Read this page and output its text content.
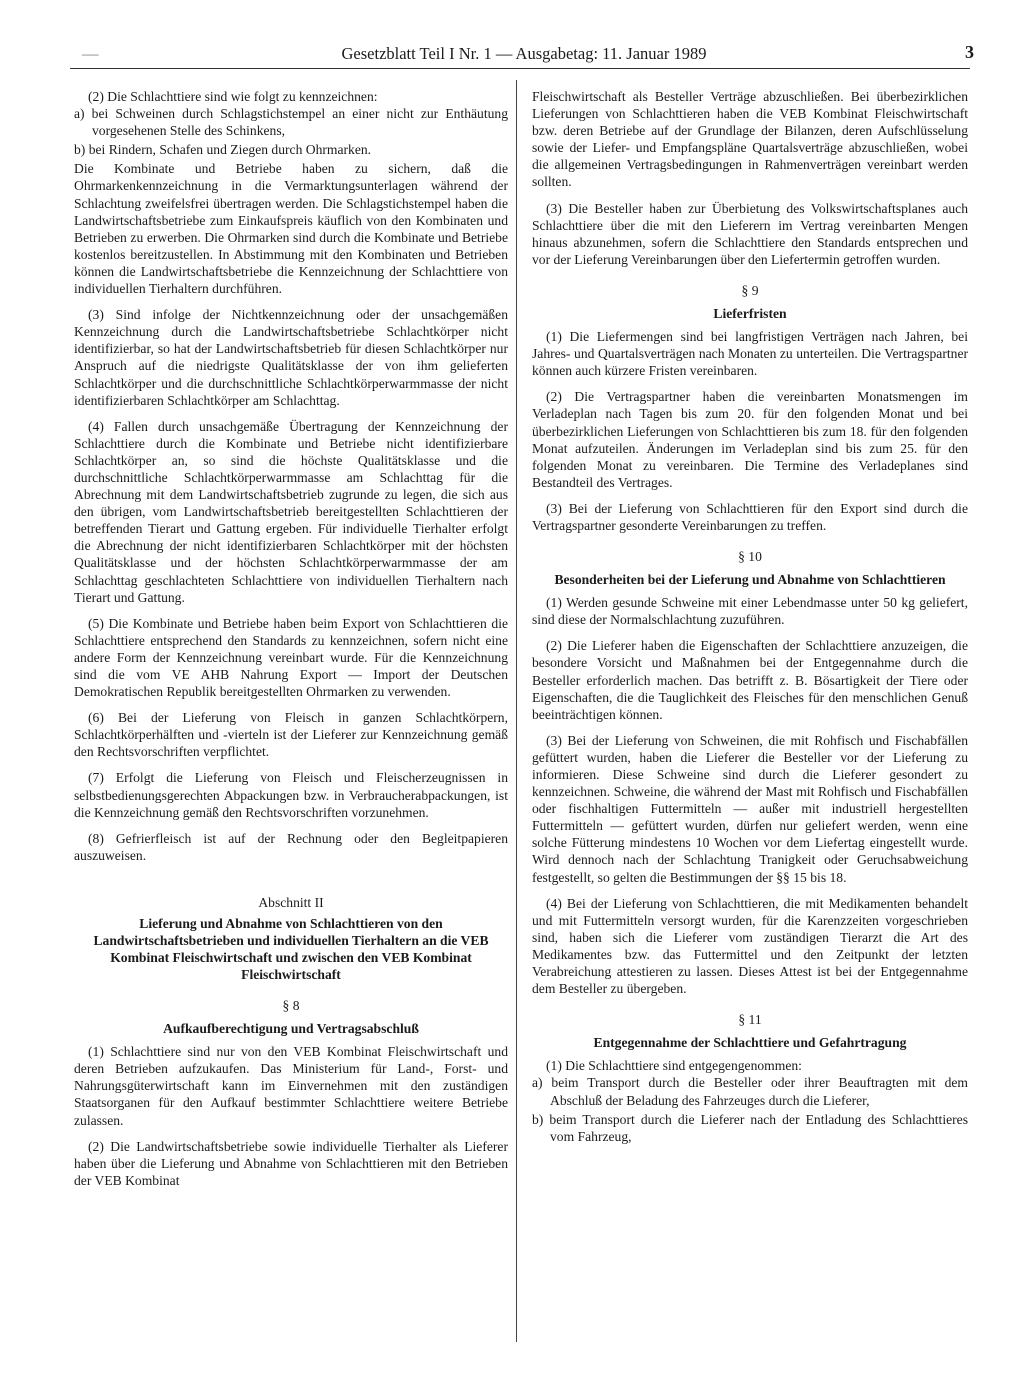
—	Gesetzblatt Teil I Nr. 1 — Ausgabetag: 11. Januar 1989	3

(2) Die Schlachttiere sind wie folgt zu kennzeichnen:

a) bei Schweinen durch Schlagstichstempel an einer nicht zur Enthäutung vorgesehenen Stelle des Schinkens,

b) bei Rindern, Schafen und Ziegen durch Ohrmarken.

Die Kombinate und Betriebe haben zu sichern, daß die Ohrmarkenkennzeichnung in die Vermarktungsunterlagen während der Schlachtung zweifelsfrei übertragen werden. Die Schlagstichstempel haben die Landwirtschaftsbetriebe zum Einkaufspreis käuflich von den Kombinaten und Betrieben zu erwerben. Die Ohrmarken sind durch die Kombinate und Betriebe kostenlos bereitzustellen. In Abstimmung mit den Kombinaten und Betrieben können die Landwirtschaftsbetriebe die Kennzeichnung der Schlachttiere von individuellen Tierhaltern durchführen.

(3) Sind infolge der Nichtkennzeichnung oder der unsachgemäßen Kennzeichnung durch die Landwirtschaftsbetriebe Schlachtkörper nicht identifizierbar, so hat der Landwirtschaftsbetrieb für diesen Schlachtkörper nur Anspruch auf die niedrigste Qualitätsklasse der von ihm gelieferten Schlachtkörper und die durchschnittliche Schlachtkörperwarmmasse der nicht identifizierbaren Schlachtkörper am Schlachttag.

(4) Fallen durch unsachgemäße Übertragung der Kennzeichnung der Schlachttiere durch die Kombinate und Betriebe nicht identifizierbare Schlachtkörper an, so sind die höchste Qualitätsklasse und die durchschnittliche Schlachtkörperwarmmasse am Schlachttag für die Abrechnung mit dem Landwirtschaftsbetrieb zugrunde zu legen, die sich aus den übrigen, vom Landwirtschaftsbetrieb bereitgestellten Schlachttieren der betreffenden Tierart und Gattung ergeben. Für individuelle Tierhalter erfolgt die Abrechnung der nicht identifizierbaren Schlachtkörper mit der höchsten Qualitätsklasse und der höchsten Schlachtkörperwarmmasse der am Schlachttag geschlachteten Schlachttiere von individuellen Tierhaltern nach Tierart und Gattung.

(5) Die Kombinate und Betriebe haben beim Export von Schlachttieren die Schlachttiere entsprechend den Standards zu kennzeichnen, sofern nicht eine andere Form der Kennzeichnung vereinbart wurde. Für die Kennzeichnung sind die vom VE AHB Nahrung Export — Import der Deutschen Demokratischen Republik bereitgestellten Ohrmarken zu verwenden.

(6) Bei der Lieferung von Fleisch in ganzen Schlachtkörpern, Schlachtkörperhälften und -vierteln ist der Lieferer zur Kennzeichnung gemäß den Rechtsvorschriften verpflichtet.

(7) Erfolgt die Lieferung von Fleisch und Fleischerzeugnissen in selbstbedienungsgerechten Abpackungen bzw. in Verbraucherabpackungen, ist die Kennzeichnung gemäß den Rechtsvorschriften vorzunehmen.

(8) Gefrierfleisch ist auf der Rechnung oder den Begleitpapieren auszuweisen.

Abschnitt II
Lieferung und Abnahme von Schlachttieren von den Landwirtschaftsbetrieben und individuellen Tierhaltern an die VEB Kombinat Fleischwirtschaft und zwischen den VEB Kombinat Fleischwirtschaft
§ 8
Aufkaufberechtigung und Vertragsabschluß

(1) Schlachttiere sind nur von den VEB Kombinat Fleischwirtschaft und deren Betrieben aufzukaufen. Das Ministerium für Land-, Forst- und Nahrungsgüterwirtschaft kann im Einvernehmen mit den zuständigen Staatsorganen für den Aufkauf bestimmter Schlachttiere weitere Betriebe zulassen.

(2) Die Landwirtschaftsbetriebe sowie individuelle Tierhalter als Lieferer haben über die Lieferung und Abnahme von Schlachttieren mit den Betrieben der VEB Kombinat

Fleischwirtschaft als Besteller Verträge abzuschließen. Bei überbezirklichen Lieferungen von Schlachttieren haben die VEB Kombinat Fleischwirtschaft bzw. deren Betriebe auf der Grundlage der Bilanzen, deren Aufschlüsselung sowie der Liefer- und Empfangspläne Quartalsverträge abzuschließen, wobei die allgemeinen Vertragsbedingungen in Rahmenverträgen vereinbart werden sollten.

(3) Die Besteller haben zur Überbietung des Volkswirtschaftsplanes auch Schlachttiere über die mit den Lieferern im Vertrag vereinbarten Mengen hinaus abzunehmen, sofern die Schlachttiere den Standards entsprechen und vor der Lieferung Vereinbarungen über den Liefertermin getroffen wurden.

§ 9
Lieferfristen

(1) Die Liefermengen sind bei langfristigen Verträgen nach Jahren, bei Jahres- und Quartalsverträgen nach Monaten zu unterteilen. Die Vertragspartner können auch kürzere Fristen vereinbaren.

(2) Die Vertragspartner haben die vereinbarten Monatsmengen im Verladeplan nach Tagen bis zum 20. für den folgenden Monat und bei überbezirklichen Lieferungen von Schlachttieren bis zum 18. für den folgenden Monat aufzuteilen. Änderungen im Verladeplan sind bis zum 25. für den folgenden Monat zu vereinbaren. Die Termine des Verladeplanes sind Bestandteil des Vertrages.

(3) Bei der Lieferung von Schlachttieren für den Export sind durch die Vertragspartner gesonderte Vereinbarungen zu treffen.

§ 10
Besonderheiten bei der Lieferung und Abnahme von Schlachttieren

(1) Werden gesunde Schweine mit einer Lebendmasse unter 50 kg geliefert, sind diese der Normalschlachtung zuzuführen.

(2) Die Lieferer haben die Eigenschaften der Schlachttiere anzuzeigen, die besondere Vorsicht und Maßnahmen bei der Entgegennahme durch die Besteller erforderlich machen. Das betrifft z. B. Bösartigkeit der Tiere oder Eigenschaften, die die Tauglichkeit des Fleisches für den menschlichen Genuß beeinträchtigen können.

(3) Bei der Lieferung von Schweinen, die mit Rohfisch und Fischabfällen gefüttert wurden, haben die Lieferer die Besteller vor der Lieferung zu informieren. Diese Schweine sind durch die Lieferer gesondert zu kennzeichnen. Schweine, die während der Mast mit Rohfisch und Fischabfällen oder fischhaltigen Futtermitteln — außer mit industriell hergestellten Futtermitteln — gefüttert wurden, dürfen nur geliefert werden, wenn eine solche Fütterung mindestens 10 Wochen vor dem Liefertag eingestellt wurde. Wird dennoch nach der Schlachtung Tranigkeit oder Geruchsabweichung festgestellt, so gelten die Bestimmungen der §§ 15 bis 18.

(4) Bei der Lieferung von Schlachttieren, die mit Medikamenten behandelt und mit Futtermitteln versorgt wurden, für die Karenzzeiten vorgeschrieben sind, haben sich die Lieferer vom zuständigen Tierarzt die Art des Medikamentes bzw. das Futtermittel und den Zeitpunkt der letzten Verabreichung attestieren zu lassen. Dieses Attest ist bei der Entgegennahme dem Besteller zu übergeben.

§ 11
Entgegennahme der Schlachttiere und Gefahrtragung

(1) Die Schlachttiere sind entgegengenommen:

a) beim Transport durch die Besteller oder ihrer Beauftragten mit dem Abschluß der Beladung des Fahrzeuges durch die Lieferer,

b) beim Transport durch die Lieferer nach der Entladung des Schlachttieres vom Fahrzeug,
